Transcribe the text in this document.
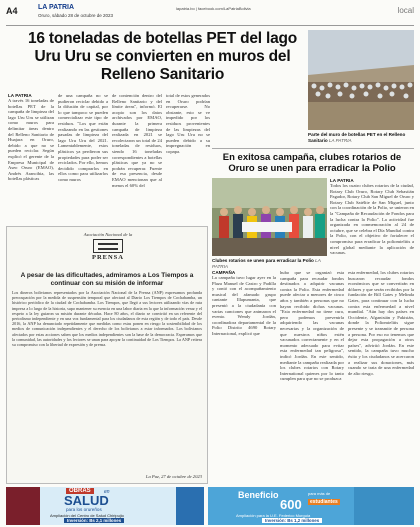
A4	LA PATRIA
Oruro, sábado 28 de octubre de 2023
lapatria.bo | facebook.com/LaPatriaBolivia	local
16 toneladas de botellas PET del lago Uru Uru se convierten en muros del Relleno Sanitario
LA PATRIA
A través 16 toneladas de botellas PET de la campaña de limpieza del lago Uru Uru se utilizan como muros para delimitar áreas dentro del Relleno Sanitario de Huajara en Oruro, debido a que no se pueden reciclar. Según explicó el gerente de la Empresa Municipal de Aseo Oruro (EMAO), Andrés Arancibia, las botellas plásticas
de una campaña no se pudieron reciclar debido a la difusión de capital, por lo que tampoco se pueden comercializar este tipo de residuos. "Los que están realizando en las gestiones pasadas de limpieza del lago Uru Uru del 2021. Lamentablemente, estos plásticos ya perdieron sus propiedades para poder ser reciclados. Por ello, hemos decidido comprarlos en ellos como para utilizarlos como muros
de contención dentro del Relleno Sanitario y del límite áreas", informó. El acopio son los datos archivados por EMAO, durante la primera campaña de limpieza realizada en 2021 se recolectaron un total de 24 toneladas de residuos, siendo 16 toneladas correspondientes a botellas plásticas que ya no se podrán recuperar. Fuente de esa presencia, desde EMAO mencionan que al menos el 60% del
total de estos generados en Oruro podrían recuperarse. No obstante, esto se ve impedido por los residuos provenientes de las limpiezas del lago Uru Uru no se pueden debido a su impregnación en copapa.
Parte del muro de botellas PET en el Relleno Sanitario LA PATRIA
En exitosa campaña, clubes rotarios de Oruro se unen para erradicar la Polio
Clubes rotarios se unen para erradicar la Polio LA PATRIA
LA PATRIA
Todos los cuatro clubes rotarios de la ciudad, Rotary Club Oruro, Rotary Club Sebastián Pagador, Rotary Club San Miguel de Oruro y Rotary Club Satélite de San Miguel, junto con la coordinación de la Polio, se unieron en la "Campaña de Recaudación de Fondos para la lucha contra la Polio". La actividad fue organizada en conmemoración al 24 de octubre, que se celebra el Día Mundial contra la Polio, con el objetivo de fortalecer el compromiso para erradicar la poliomielitis a nivel global mediante la aplicación de vacunas.
CAMPAÑA
La campaña tuvo lugar ayer en la Plaza Manuel de Castro y Padilla y contó con el acompañamiento musical del afamado grupo cantante Illapumanta, que presentó a la ciudadanía con varias canciones que animaron el evento. Wendy Jordán, coordinadora departamental de la Polio Distrito 4690 Rotary Internacional, explicó que
hubo que se organizó esta campaña para recaudar fondos destinados a adquirir vacunas contra la Polio. Esta enfermedad puede afectar a menores de cinco años y también a personas que no hayan recibido dichas vacunas. "Esta enfermedad no tiene cura, pero podemos prevenirla adquiriendo las vacunas necesarias y la organización de que nuestros niños estén vacunados correctamente y en el momento adecuado para evitar esta enfermedad tan peligrosa", indicó Jordán. En este sentido, mediante la campaña realizada por los clubes rotarios con Rotary International quienes por lo tanto cumplen para que no se produzca
esta enfermedad, los clubes rotarios buscaron recaudar fondos económicos que se convertirán en dólares y que serán recibidos por la fundación de Bill Gates y Melinda Gates, para continuar con la lucha contra esta enfermedad a nivel mundial. "Aún hay dos países en Occidente, Afganistán y Pakistán, donde la Poliomielitis sigue presente y se transmite de persona a persona. Por eso no tenemos que dejar esta propagación a otros países", advirtió Jordán. En este sentido, la campaña tuvo mucho éxito y los ciudadanos se acercaron a realizar sus donaciones, más cuando se trata de una enfermedad de alto riesgo.
Asociación Nacional de la
PRENSA
A pesar de las dificultades, admiramos a Los Tiempos a continuar con su misión de informar
Los dineros bolivianos representados por la Asociación Nacional de la Prensa (ANP) expresamos profunda preocupación por la medida de suspensión temporal que afectará al Diario Los Tiempos de Cochabamba, un histórico periódico de la ciudad de Cochabamba. Los Tiempos, que llegó a sus lectores utilizando vías de ruta impresa a lo largo de la historia, supo mantener su esencia en una labor diaria en la que la información veraz y el respeto a la ley guiaron su misión durante décadas. Hace 80 años, el diario se convirtió en un referente del periodismo independiente y en una voz fundamental para los ciudadanos de esta región y de todo el país. Desde 2016, la ANP ha denunciado repetidamente que medidas como estas ponen en riesgo la sostenibilidad de los medios de comunicación independientes y el derecho de los bolivianos a estar informados. Los bolivianos afectados por estas acciones saben que los medios independientes son la base de la democracia. Esperamos que la comunidad, las autoridades y los lectores se unan para apoyar la continuidad de Los Tiempos. La ANP reitera su compromiso con la libertad de expresión y de prensa.
La Paz, 27 de octubre de 2023
OBRAS	en
SALUD
para los orureños
Ampliación del Centro de Salud Chiripujio
Inversión: Bs 2,1 millones
Beneficio	para más de
600	estudiantes
Ampliación para la U.E. Federico Murguía
Inversión: Bs 1,2 millones
